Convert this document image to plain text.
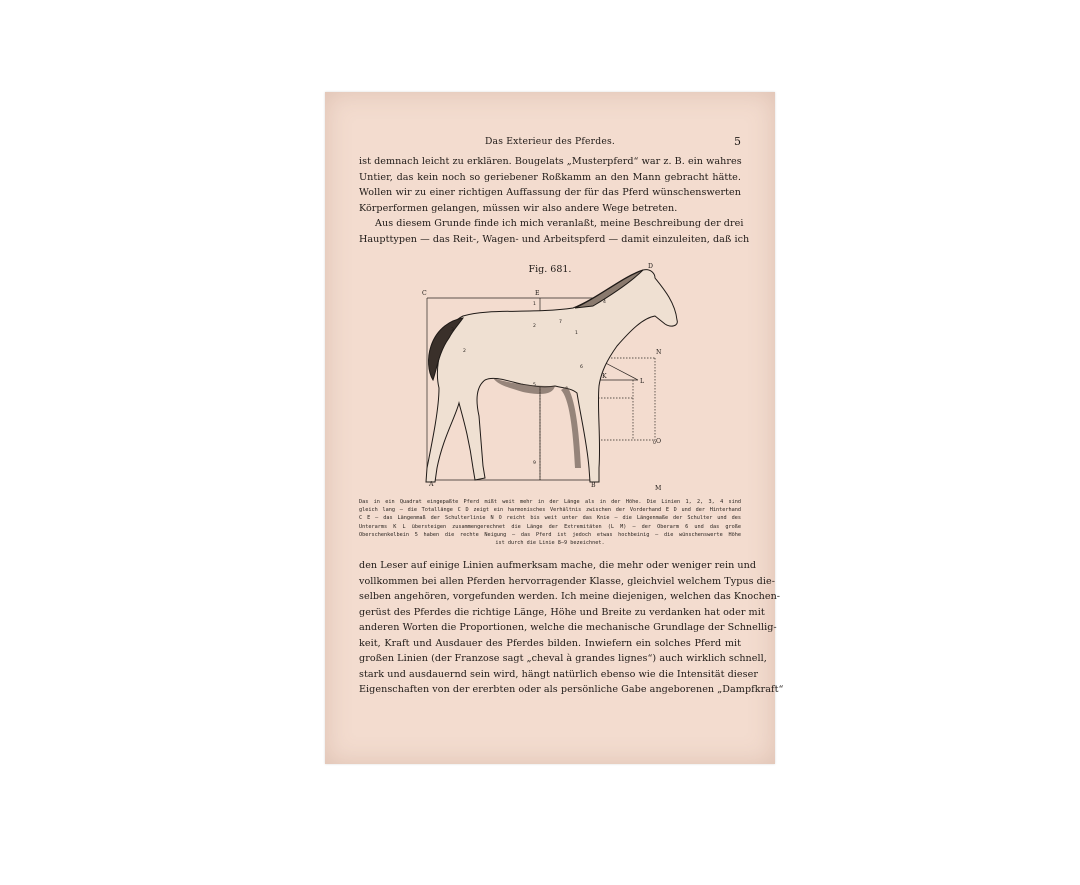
Das Exterieur des Pferdes.	5
ist demnach leicht zu erklären. Bougelats „Musterpferd“ war z. B. ein wahres
Untier, das kein noch so geriebener Roßkamm an den Mann gebracht hätte.
Wollen wir zu einer richtigen Auffassung der für das Pferd wünschenswerten
Körperformen gelangen, müssen wir also andere Wege betreten.
Aus diesem Grunde finde ich mich veranlaßt, meine Beschreibung der drei
Haupttypen — das Reit-, Wagen- und Arbeitspferd — damit einzuleiten, daß ich
Fig. 681.
C
D
E
N
L
O
K
A	B	M
1
2
1
4
3
2
6
5
9
7
0
Das in ein Quadrat eingepaßte Pferd mißt weit mehr in der Länge als in der Höhe. Die Linien 1, 2, 3, 4 sind
gleich lang — die Totallänge C D zeigt ein harmonisches Verhältnis zwischen der Vorderhand E D und der Hinterhand
C E — das Längenmaß der Schulterlinie N O reicht bis weit unter das Knie — die Längenmaße der Schulter und des
Unterarms K L übersteigen zusammengerechnet die Länge der Extremitäten (L M) — der Oberarm 6 und das große
Oberschenkelbein 5 haben die rechte Neigung — das Pferd ist jedoch etwas hochbeinig — die wünschenswerte Höhe
ist durch die Linie 8—9 bezeichnet.
den Leser auf einige Linien aufmerksam mache, die mehr oder weniger rein und
vollkommen bei allen Pferden hervorragender Klasse, gleichviel welchem Typus die-
selben angehören, vorgefunden werden. Ich meine diejenigen, welchen das Knochen-
gerüst des Pferdes die richtige Länge, Höhe und Breite zu verdanken hat oder mit
anderen Worten die Proportionen, welche die mechanische Grundlage der Schnellig-
keit, Kraft und Ausdauer des Pferdes bilden. Inwiefern ein solches Pferd mit
großen Linien (der Franzose sagt „cheval à grandes lignes“) auch wirklich schnell,
stark und ausdauernd sein wird, hängt natürlich ebenso wie die Intensität dieser
Eigenschaften von der ererbten oder als persönliche Gabe angeborenen „Dampfkraft“
